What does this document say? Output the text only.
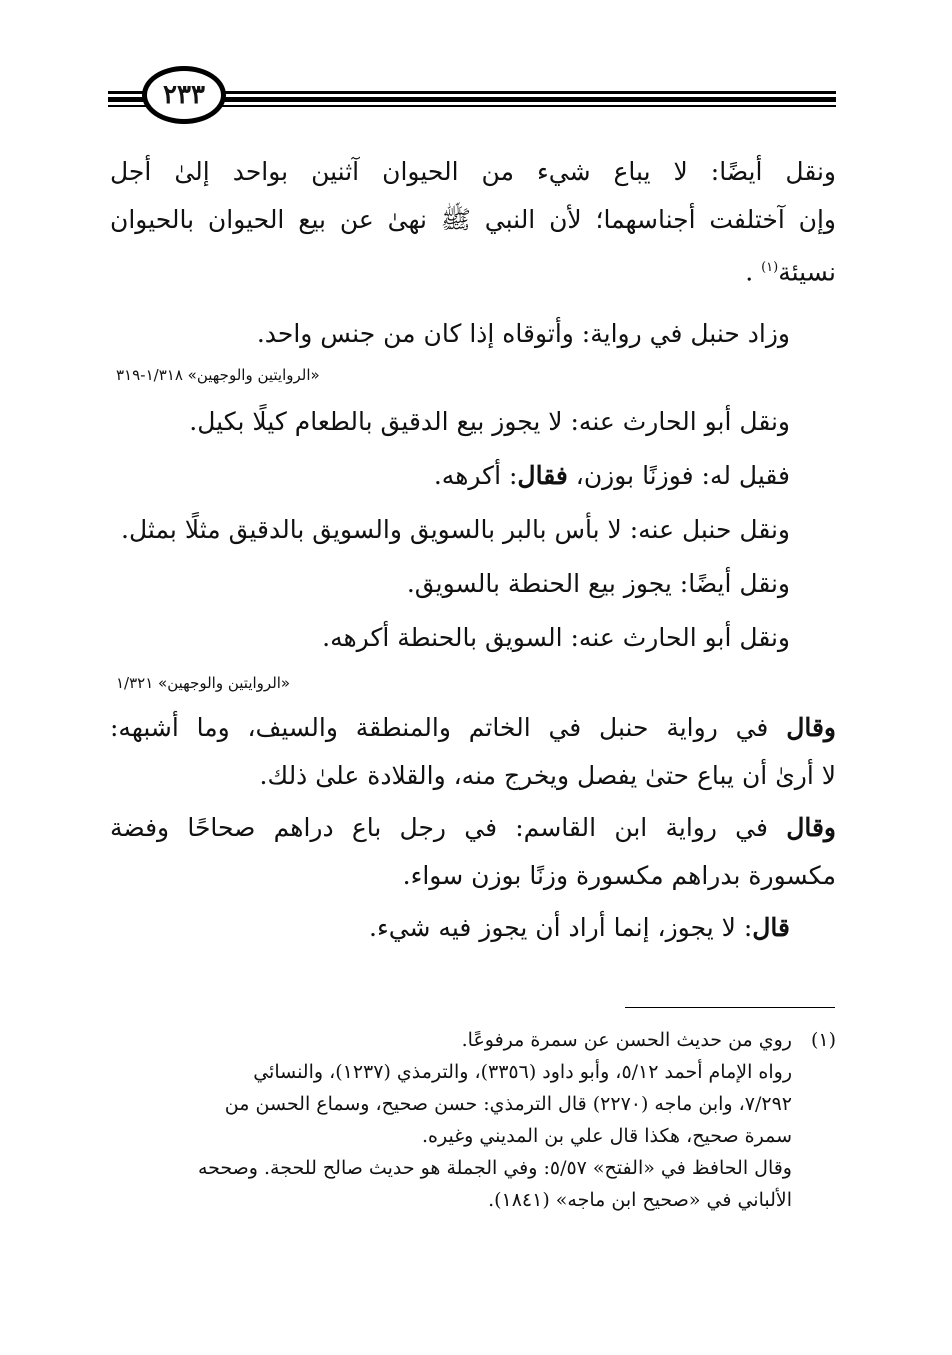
٢٣٣
ونقل أيضًا: لا يباع شيء من الحيوان آثنين بواحد إلىٰ أجل
وإن آختلفت أجناسهما؛ لأن النبي ﷺ نهىٰ عن بيع الحيوان بالحيوان
نسيئة$^{(١)}$ .
وزاد حنبل في رواية: وأتوقاه إذا كان من جنس واحد.
«الروايتين والوجهين» ١/٣١٨-٣١٩
ونقل أبو الحارث عنه: لا يجوز بيع الدقيق بالطعام كيلًا بكيل.
فقيل له: فوزنًا بوزن، فقال: أكرهه.
ونقل حنبل عنه: لا بأس بالبر بالسويق والسويق بالدقيق مثلًا بمثل.
ونقل أيضًا: يجوز بيع الحنطة بالسويق.
ونقل أبو الحارث عنه: السويق بالحنطة أكرهه.
«الروايتين والوجهين» ١/٣٢١
وقال في رواية حنبل في الخاتم والمنطقة والسيف، وما أشبهه:
لا أرىٰ أن يباع حتىٰ يفصل ويخرج منه، والقلادة علىٰ ذلك.
وقال في رواية ابن القاسم: في رجل باع دراهم صحاحًا وفضة
مكسورة بدراهم مكسورة وزنًا بوزن سواء.
قال: لا يجوز، إنما أراد أن يجوز فيه شيء.
(١)روي من حديث الحسن عن سمرة مرفوعًا.
رواه الإمام أحمد ٥/١٢، وأبو داود (٣٣٥٦)، والترمذي (١٢٣٧)، والنسائي
٧/٢٩٢، وابن ماجه (٢٢٧٠) قال الترمذي: حسن صحيح، وسماع الحسن من
سمرة صحيح، هكذا قال علي بن المديني وغيره.
وقال الحافظ في «الفتح» ٥/٥٧: وفي الجملة هو حديث صالح للحجة. وصححه
الألباني في «صحيح ابن ماجه» (١٨٤١).
